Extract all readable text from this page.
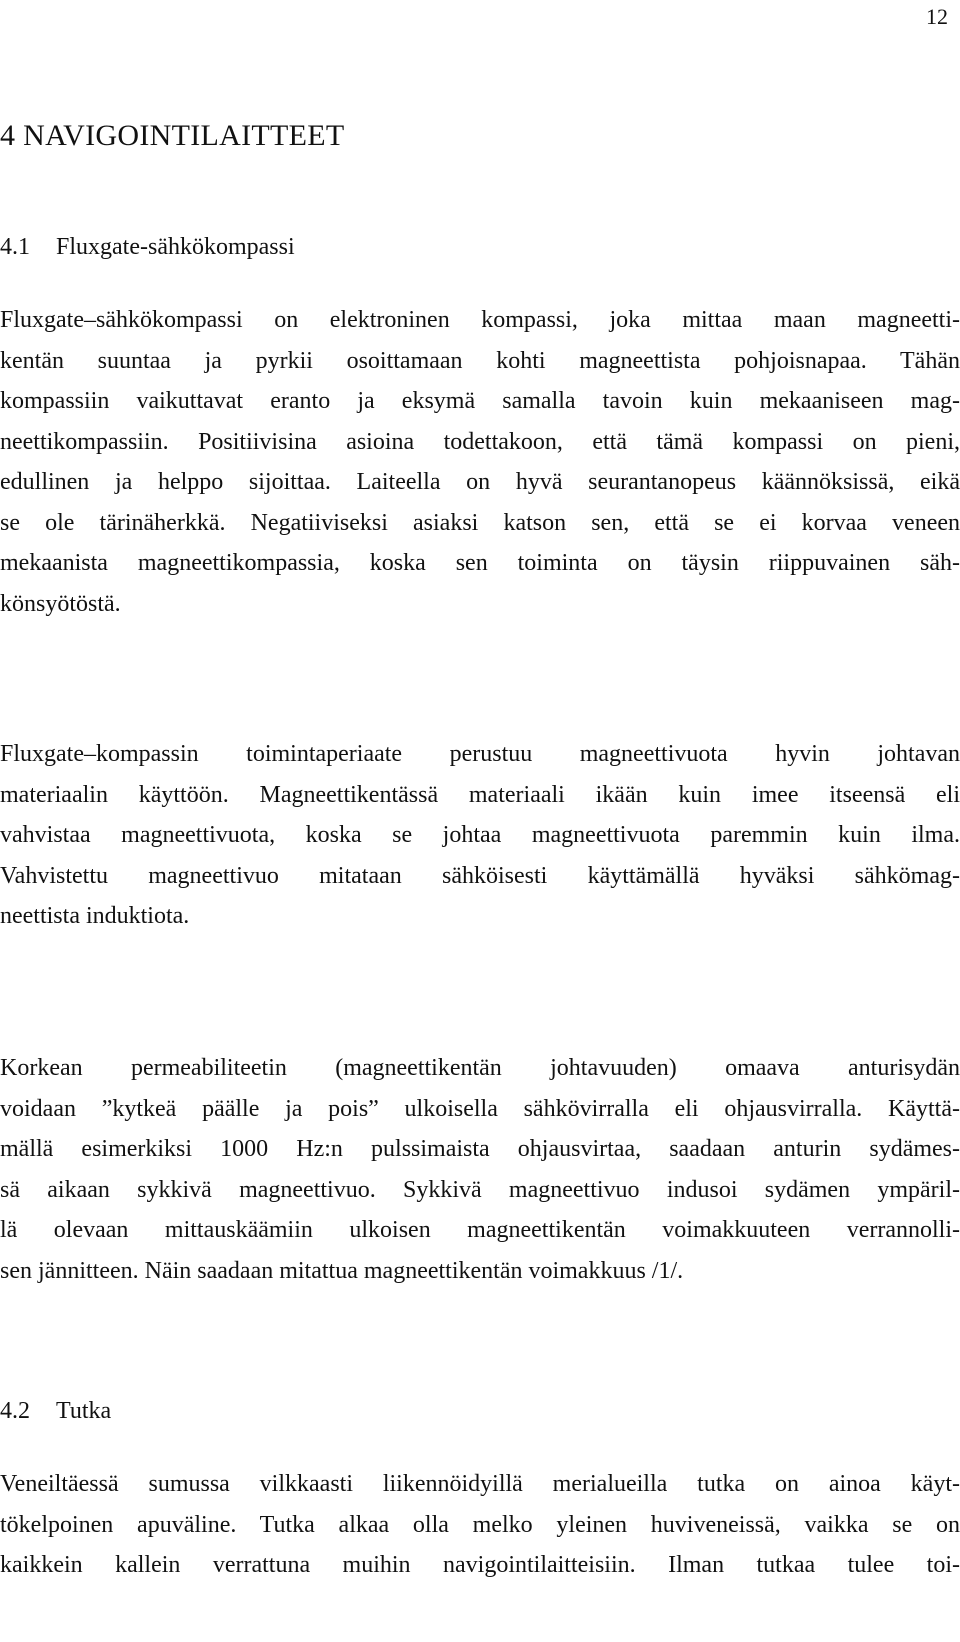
12
4 NAVIGOINTILAITTEET
4.1 Fluxgate-sähkökompassi
Fluxgate–sähkökompassi on elektroninen kompassi, joka mittaa maan magneetti-
kentän suuntaa ja pyrkii osoittamaan kohti magneettista pohjoisnapaa. Tähän
kompassiin vaikuttavat eranto ja eksymä samalla tavoin kuin mekaaniseen mag-
neettikompassiin. Positiivisina asioina todettakoon, että tämä kompassi on pieni,
edullinen ja helppo sijoittaa. Laiteella on hyvä seurantanopeus käännöksissä, eikä
se ole tärinäherkkä. Negatiiviseksi asiaksi katson sen, että se ei korvaa veneen
mekaanista magneettikompassia, koska sen toiminta on täysin riippuvainen säh-
könsyötöstä.
Fluxgate–kompassin toimintaperiaate perustuu magneettivuota hyvin johtavan
materiaalin käyttöön. Magneettikentässä materiaali ikään kuin imee itseensä eli
vahvistaa magneettivuota, koska se johtaa magneettivuota paremmin kuin ilma.
Vahvistettu magneettivuo mitataan sähköisesti käyttämällä hyväksi sähkömag-
neettista induktiota.
Korkean permeabiliteetin (magneettikentän johtavuuden) omaava anturisydän
voidaan ”kytkeä päälle ja pois” ulkoisella sähkövirralla eli ohjausvirralla. Käyttä-
mällä esimerkiksi 1000 Hz:n pulssimaista ohjausvirtaa, saadaan anturin sydämes-
sä aikaan sykkivä magneettivuo. Sykkivä magneettivuo indusoi sydämen ympäril-
lä olevaan mittauskäämiin ulkoisen magneettikentän voimakkuuteen verrannolli-
sen jännitteen. Näin saadaan mitattua magneettikentän voimakkuus /1/.
4.2 Tutka
Veneiltäessä sumussa vilkkaasti liikennöidyillä merialueilla tutka on ainoa käyt-
tökelpoinen apuväline. Tutka alkaa olla melko yleinen huviveneissä, vaikka se on
kaikkein kallein verrattuna muihin navigointilaitteisiin. Ilman tutkaa tulee toi-
